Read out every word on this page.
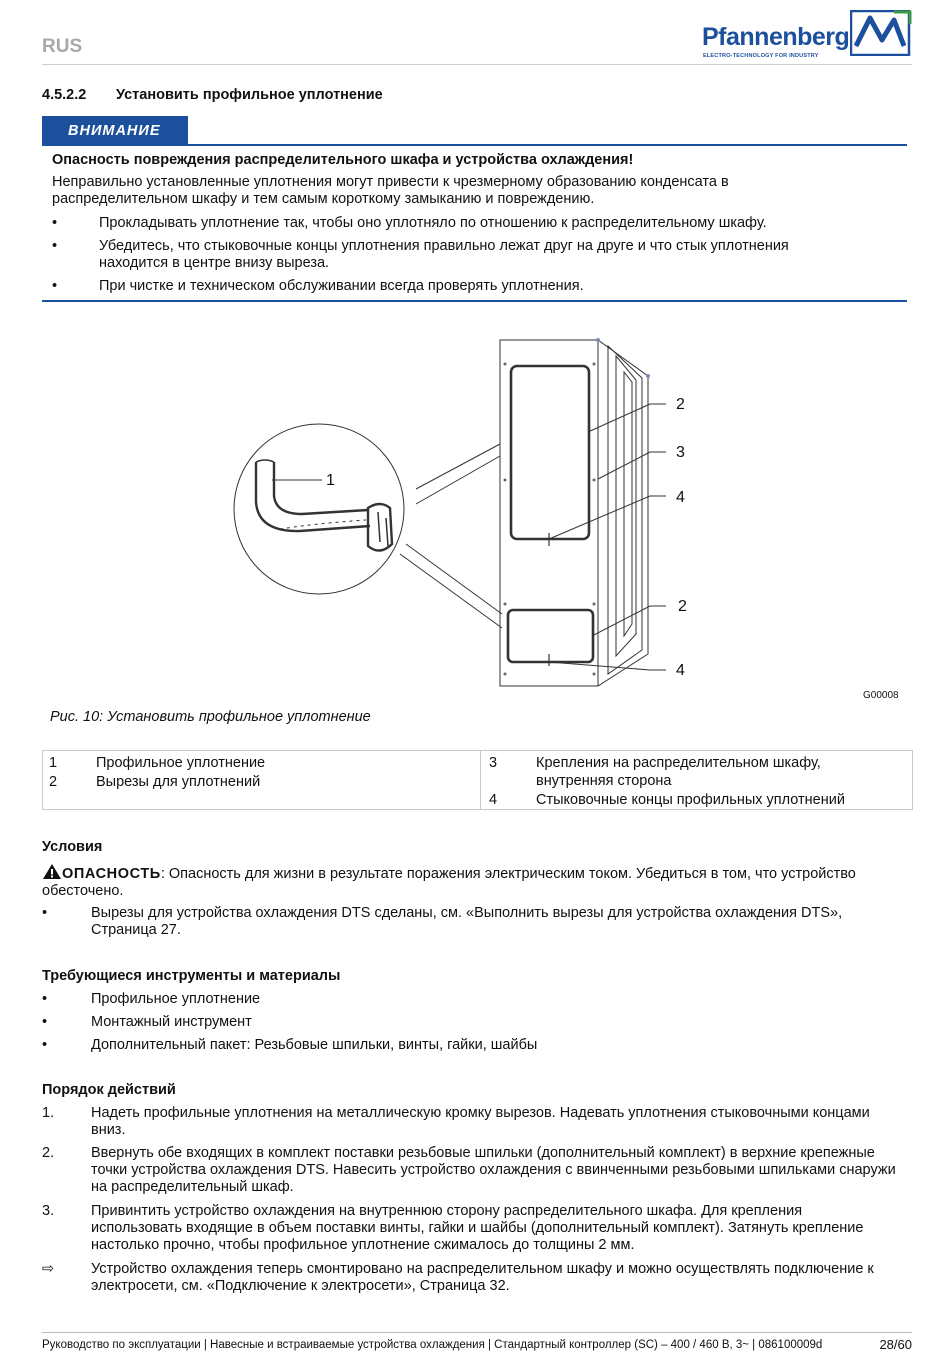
RUS	Pfannenberg
ELECTRO-TECHNOLOGY FOR INDUSTRY
4.5.2.2 Установить профильное уплотнение
ВНИМАНИЕ
Опасность повреждения распределительного шкафа и устройства охлаждения!
Неправильно установленные уплотнения могут привести к чрезмерному образованию конденсата в распределительном шкафу и тем самым короткому замыканию и повреждению.
•	Прокладывать уплотнение так, чтобы оно уплотняло по отношению к распределительному шкафу.
•	Убедитесь, что стыковочные концы уплотнения правильно лежат друг на друге и что стык уплотнения находится в центре внизу выреза.
•	При чистке и техническом обслуживании всегда проверять уплотнения.
1
2
3
4
2
4
G00008
Рис. 10: Установить профильное уплотнение
1	Профильное уплотнение
2	Вырезы для уплотнений
3	Крепления на распределительном шкафу, внутренняя сторона
4	Стыковочные концы профильных уплотнений
Условия
ОПАСНОСТЬ: Опасность для жизни в результате поражения электрическим током. Убедиться в том, что устройство обесточено.
•	Вырезы для устройства охлаждения DTS сделаны, см. «Выполнить вырезы для устройства охлаждения DTS», Страница 27.
Требующиеся инструменты и материалы
•	Профильное уплотнение
•	Монтажный инструмент
•	Дополнительный пакет: Резьбовые шпильки, винты, гайки, шайбы
Порядок действий
1.	Надеть профильные уплотнения на металлическую кромку вырезов. Надевать уплотнения стыковочными концами вниз.
2.	Ввернуть обе входящих в комплект поставки резьбовые шпильки (дополнительный комплект) в верхние крепежные точки устройства охлаждения DTS. Навесить устройство охлаждения с ввинченными резьбовыми шпильками снаружи на распределительный шкаф.
3.	Привинтить устройство охлаждения на внутреннюю сторону распределительного шкафа. Для крепления использовать входящие в объем поставки винты, гайки и шайбы (дополнительный комплект). Затянуть крепление настолько прочно, чтобы профильное уплотнение сжималось до толщины 2 мм.
⇨	Устройство охлаждения теперь смонтировано на распределительном шкафу и можно осуществлять подключение к электросети, см. «Подключение к электросети», Страница 32.
Руководство по эксплуатации | Навесные и встраиваемые устройства охлаждения | Стандартный контроллер (SC) – 400 / 460 В, 3~ | 086100009d	28/60
